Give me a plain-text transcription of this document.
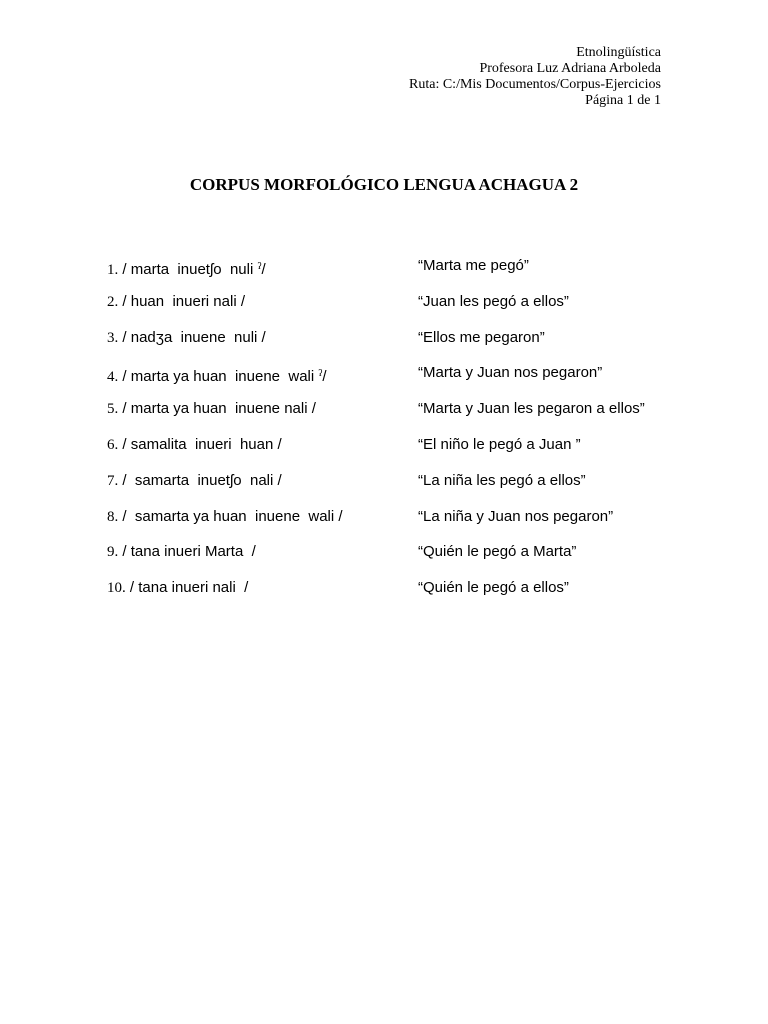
Etnolingüística
Profesora Luz Adriana Arboleda
Ruta: C:/Mis Documentos/Corpus-Ejercicios
Página 1 de 1
CORPUS MORFOLÓGICO LENGUA ACHAGUA 2
1. / marta  inuetʃo  nuli $^ʔ$/	“Marta me pegó”
2. / huan  inueri nali /	“Juan les pegó a ellos”
3. / nadʒa  inuene  nuli /	“Ellos me pegaron”
4. / marta ya huan  inuene  wali $^ʔ$/	“Marta y Juan nos pegaron”
5. / marta ya huan  inuene nali /	“Marta y Juan les pegaron a ellos”
6. / samalita  inueri  huan /	“El niño le pegó a Juan ”
7. /  samarta  inuetʃo  nali /	“La niña les pegó a ellos”
8. /  samarta ya huan  inuene  wali /	“La niña y Juan nos pegaron”
9. / tana inueri Marta  /	“Quién le pegó a Marta”
10. / tana inueri nali  /	“Quién le pegó a ellos”
